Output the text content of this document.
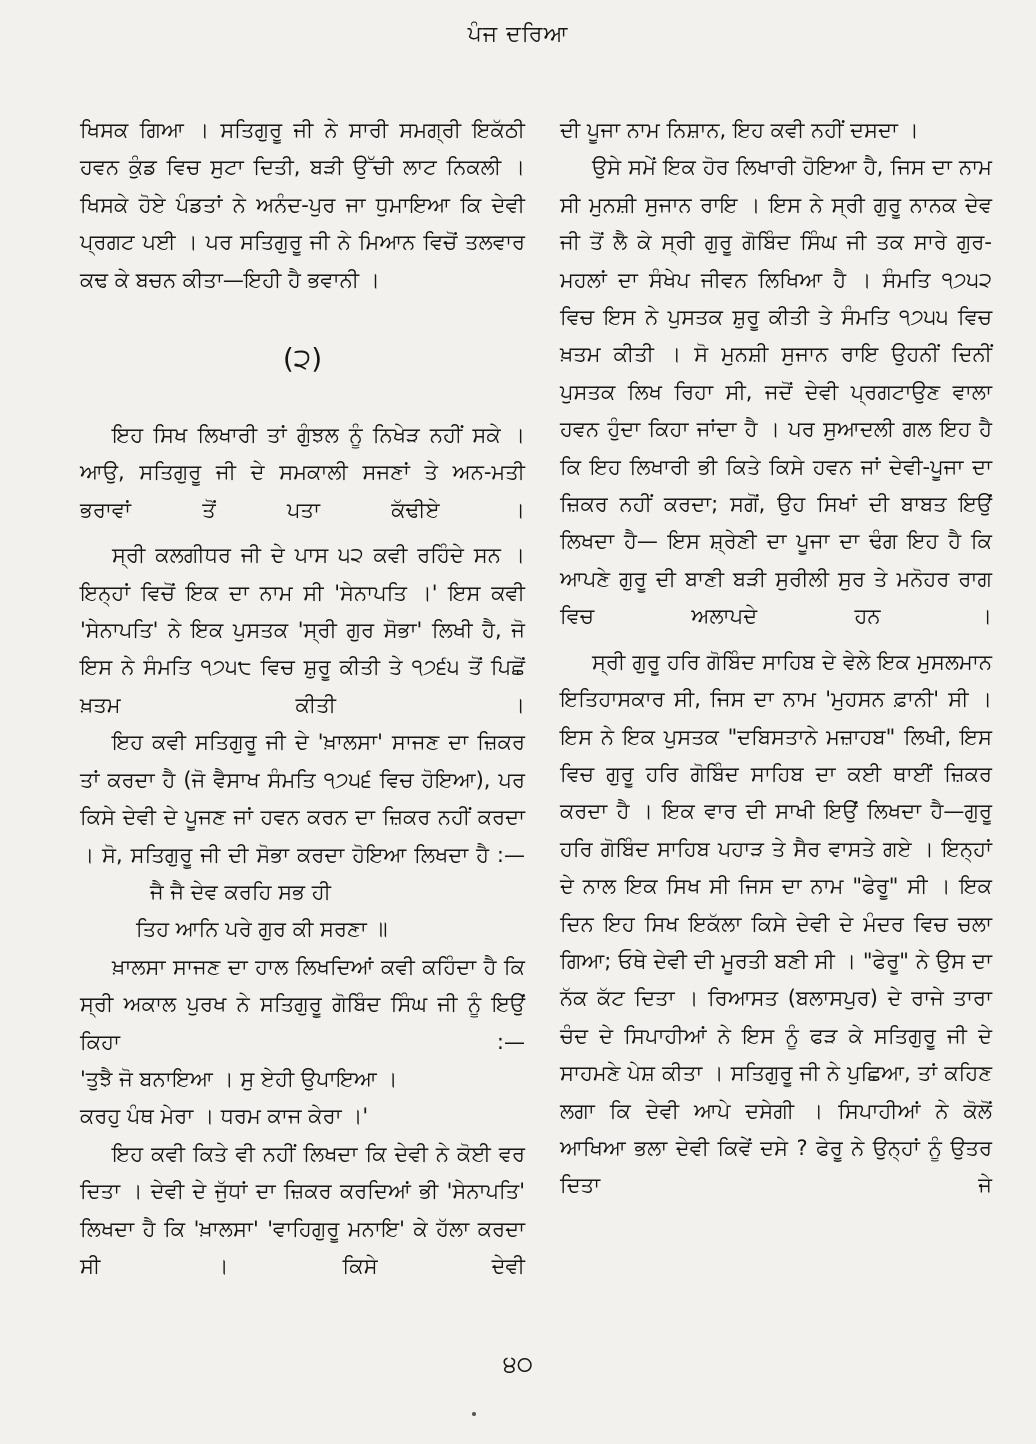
ਪੰਜ ਦਰਿਆ

ਖਿਸਕ ਗਿਆ । ਸਤਿਗੁਰੂ ਜੀ ਨੇ ਸਾਰੀ ਸਮਗ੍ਰੀ ਇਕੱਠੀ ਹਵਨ ਕੁੰਡ ਵਿਚ ਸੁਟਾ ਦਿਤੀ, ਬੜੀ ਉੱਚੀ ਲਾਟ ਨਿਕਲੀ । ਖਿਸਕੇ ਹੋਏ ਪੰਡਤਾਂ ਨੇ ਅਨੰਦ-ਪੁਰ ਜਾ ਧੁਮਾਇਆ ਕਿ ਦੇਵੀ ਪ੍ਰਗਟ ਪਈ । ਪਰ ਸਤਿਗੁਰੂ ਜੀ ਨੇ ਮਿਆਨ ਵਿਚੋਂ ਤਲਵਾਰ ਕਢ ਕੇ ਬਚਨ ਕੀਤਾ—ਇਹੀ ਹੈ ਭਵਾਨੀ ।

(੨)

ਇਹ ਸਿਖ ਲਿਖਾਰੀ ਤਾਂ ਗੁੰਝਲ ਨੂੰ ਨਿਖੇੜ ਨਹੀਂ ਸਕੇ । ਆਉ, ਸਤਿਗੁਰੂ ਜੀ ਦੇ ਸਮਕਾਲੀ ਸਜਣਾਂ ਤੇ ਅਨ-ਮਤੀ ਭਰਾਵਾਂ ਤੋਂ ਪਤਾ ਕੱਢੀਏ ।

ਸ੍ਰੀ ਕਲਗੀਧਰ ਜੀ ਦੇ ਪਾਸ ੫੨ ਕਵੀ ਰਹਿੰਦੇ ਸਨ । ਇਨ੍ਹਾਂ ਵਿਚੋਂ ਇਕ ਦਾ ਨਾਮ ਸੀ 'ਸੇਨਾਪਤਿ ।' ਇਸ ਕਵੀ 'ਸੇਨਾਪਤਿ' ਨੇ ਇਕ ਪੁਸਤਕ 'ਸ੍ਰੀ ਗੁਰ ਸੋਭਾ' ਲਿਖੀ ਹੈ, ਜੋ ਇਸ ਨੇ ਸੰਮਤਿ ੧੭੫੮ ਵਿਚ ਸ਼ੁਰੂ ਕੀਤੀ ਤੇ ੧੭੬੫ ਤੋਂ ਪਿਛੋਂ ਖ਼ਤਮ ਕੀਤੀ ।

ਇਹ ਕਵੀ ਸਤਿਗੁਰੂ ਜੀ ਦੇ 'ਖ਼ਾਲਸਾ' ਸਾਜਣ ਦਾ ਜ਼ਿਕਰ ਤਾਂ ਕਰਦਾ ਹੈ (ਜੋ ਵੈਸਾਖ ਸੰਮਤਿ ੧੭੫੬ ਵਿਚ ਹੋਇਆ), ਪਰ ਕਿਸੇ ਦੇਵੀ ਦੇ ਪੂਜਣ ਜਾਂ ਹਵਨ ਕਰਨ ਦਾ ਜ਼ਿਕਰ ਨਹੀਂ ਕਰਦਾ । ਸੋ, ਸਤਿਗੁਰੂ ਜੀ ਦੀ ਸੋਭਾ ਕਰਦਾ ਹੋਇਆ ਲਿਖਦਾ ਹੈ :—

ਜੈ ਜੈ ਦੇਵ ਕਰਹਿ ਸਭ ਹੀ
ਤਿਹ ਆਨਿ ਪਰੇ ਗੁਰ ਕੀ ਸਰਣਾ ॥

ਖ਼ਾਲਸਾ ਸਾਜਣ ਦਾ ਹਾਲ ਲਿਖਦਿਆਂ ਕਵੀ ਕਹਿੰਦਾ ਹੈ ਕਿ ਸ੍ਰੀ ਅਕਾਲ ਪੁਰਖ ਨੇ ਸਤਿਗੁਰੂ ਗੋਬਿੰਦ ਸਿੰਘ ਜੀ ਨੂੰ ਇਉਂ ਕਿਹਾ :—

'ਤੁਝੈ ਜੋ ਬਨਾਇਆ । ਸੁ ਏਹੀ ਉਪਾਇਆ ।
ਕਰਹੁ ਪੰਥ ਮੇਰਾ । ਧਰਮ ਕਾਜ ਕੇਰਾ ।'

ਇਹ ਕਵੀ ਕਿਤੇ ਵੀ ਨਹੀਂ ਲਿਖਦਾ ਕਿ ਦੇਵੀ ਨੇ ਕੋਈ ਵਰ ਦਿਤਾ । ਦੇਵੀ ਦੇ ਜੁੱਧਾਂ ਦਾ ਜ਼ਿਕਰ ਕਰਦਿਆਂ ਭੀ 'ਸੇਨਾਪਤਿ' ਲਿਖਦਾ ਹੈ ਕਿ 'ਖ਼ਾਲਸਾ' 'ਵਾਹਿਗੁਰੂ ਮਨਾਇ' ਕੇ ਹੱਲਾ ਕਰਦਾ ਸੀ । ਕਿਸੇ ਦੇਵੀ

ਦੀ ਪੂਜਾ ਨਾਮ ਨਿਸ਼ਾਨ, ਇਹ ਕਵੀ ਨਹੀਂ ਦਸਦਾ ।

ਉਸੇ ਸਮੇਂ ਇਕ ਹੋਰ ਲਿਖਾਰੀ ਹੋਇਆ ਹੈ, ਜਿਸ ਦਾ ਨਾਮ ਸੀ ਮੁਨਸ਼ੀ ਸੁਜਾਨ ਰਾਇ । ਇਸ ਨੇ ਸ੍ਰੀ ਗੁਰੂ ਨਾਨਕ ਦੇਵ ਜੀ ਤੋਂ ਲੈ ਕੇ ਸ੍ਰੀ ਗੁਰੂ ਗੋਬਿੰਦ ਸਿੰਘ ਜੀ ਤਕ ਸਾਰੇ ਗੁਰ-ਮਹਲਾਂ ਦਾ ਸੰਖੇਪ ਜੀਵਨ ਲਿਖਿਆ ਹੈ । ਸੰਮਤਿ ੧੭੫੨ ਵਿਚ ਇਸ ਨੇ ਪੁਸਤਕ ਸ਼ੁਰੂ ਕੀਤੀ ਤੇ ਸੰਮਤਿ ੧੭੫੫ ਵਿਚ ਖ਼ਤਮ ਕੀਤੀ । ਸੋ ਮੁਨਸ਼ੀ ਸੁਜਾਨ ਰਾਇ ਉਹਨੀਂ ਦਿਨੀਂ ਪੁਸਤਕ ਲਿਖ ਰਿਹਾ ਸੀ, ਜਦੋਂ ਦੇਵੀ ਪ੍ਰਗਟਾਉਣ ਵਾਲਾ ਹਵਨ ਹੁੰਦਾ ਕਿਹਾ ਜਾਂਦਾ ਹੈ । ਪਰ ਸੁਆਦਲੀ ਗਲ ਇਹ ਹੈ ਕਿ ਇਹ ਲਿਖਾਰੀ ਭੀ ਕਿਤੇ ਕਿਸੇ ਹਵਨ ਜਾਂ ਦੇਵੀ-ਪੂਜਾ ਦਾ ਜ਼ਿਕਰ ਨਹੀਂ ਕਰਦਾ; ਸਗੋਂ, ਉਹ ਸਿਖਾਂ ਦੀ ਬਾਬਤ ਇਉਂ ਲਿਖਦਾ ਹੈ— ਇਸ ਸ਼੍ਰੇਣੀ ਦਾ ਪੂਜਾ ਦਾ ਢੰਗ ਇਹ ਹੈ ਕਿ ਆਪਣੇ ਗੁਰੂ ਦੀ ਬਾਣੀ ਬੜੀ ਸੁਰੀਲੀ ਸੁਰ ਤੇ ਮਨੋਹਰ ਰਾਗ ਵਿਚ ਅਲਾਪਦੇ ਹਨ ।

ਸ੍ਰੀ ਗੁਰੂ ਹਰਿ ਗੋਬਿੰਦ ਸਾਹਿਬ ਦੇ ਵੇਲੇ ਇਕ ਮੁਸਲਮਾਨ ਇਤਿਹਾਸਕਾਰ ਸੀ, ਜਿਸ ਦਾ ਨਾਮ 'ਮੁਹਸਨ ਫ਼ਾਨੀ' ਸੀ । ਇਸ ਨੇ ਇਕ ਪੁਸਤਕ "ਦਬਿਸਤਾਨੇ ਮਜ਼ਾਹਬ" ਲਿਖੀ, ਇਸ ਵਿਚ ਗੁਰੂ ਹਰਿ ਗੋਬਿੰਦ ਸਾਹਿਬ ਦਾ ਕਈ ਥਾਈਂ ਜ਼ਿਕਰ ਕਰਦਾ ਹੈ । ਇਕ ਵਾਰ ਦੀ ਸਾਖੀ ਇਉਂ ਲਿਖਦਾ ਹੈ—ਗੁਰੂ ਹਰਿ ਗੋਬਿੰਦ ਸਾਹਿਬ ਪਹਾੜ ਤੇ ਸੈਰ ਵਾਸਤੇ ਗਏ । ਇਨ੍ਹਾਂ ਦੇ ਨਾਲ ਇਕ ਸਿਖ ਸੀ ਜਿਸ ਦਾ ਨਾਮ "ਫੇਰੂ" ਸੀ । ਇਕ ਦਿਨ ਇਹ ਸਿਖ ਇਕੱਲਾ ਕਿਸੇ ਦੇਵੀ ਦੇ ਮੰਦਰ ਵਿਚ ਚਲਾ ਗਿਆ; ਓਥੇ ਦੇਵੀ ਦੀ ਮੂਰਤੀ ਬਣੀ ਸੀ । "ਫੇਰੂ" ਨੇ ਉਸ ਦਾ ਨੱਕ ਕੱਟ ਦਿਤਾ । ਰਿਆਸਤ (ਬਲਾਸਪੁਰ) ਦੇ ਰਾਜੇ ਤਾਰਾ ਚੰਦ ਦੇ ਸਿਪਾਹੀਆਂ ਨੇ ਇਸ ਨੂੰ ਫੜ ਕੇ ਸਤਿਗੁਰੂ ਜੀ ਦੇ ਸਾਹਮਣੇ ਪੇਸ਼ ਕੀਤਾ । ਸਤਿਗੁਰੂ ਜੀ ਨੇ ਪੁਛਿਆ, ਤਾਂ ਕਹਿਣ ਲਗਾ ਕਿ ਦੇਵੀ ਆਪੇ ਦਸੇਗੀ । ਸਿਪਾਹੀਆਂ ਨੇ ਕੋਲੋਂ ਆਖਿਆ ਭਲਾ ਦੇਵੀ ਕਿਵੇਂ ਦਸੇ ? ਫੇਰੂ ਨੇ ਉਨ੍ਹਾਂ ਨੂੰ ਉਤਰ ਦਿਤਾ ਜੇ

੪੦
